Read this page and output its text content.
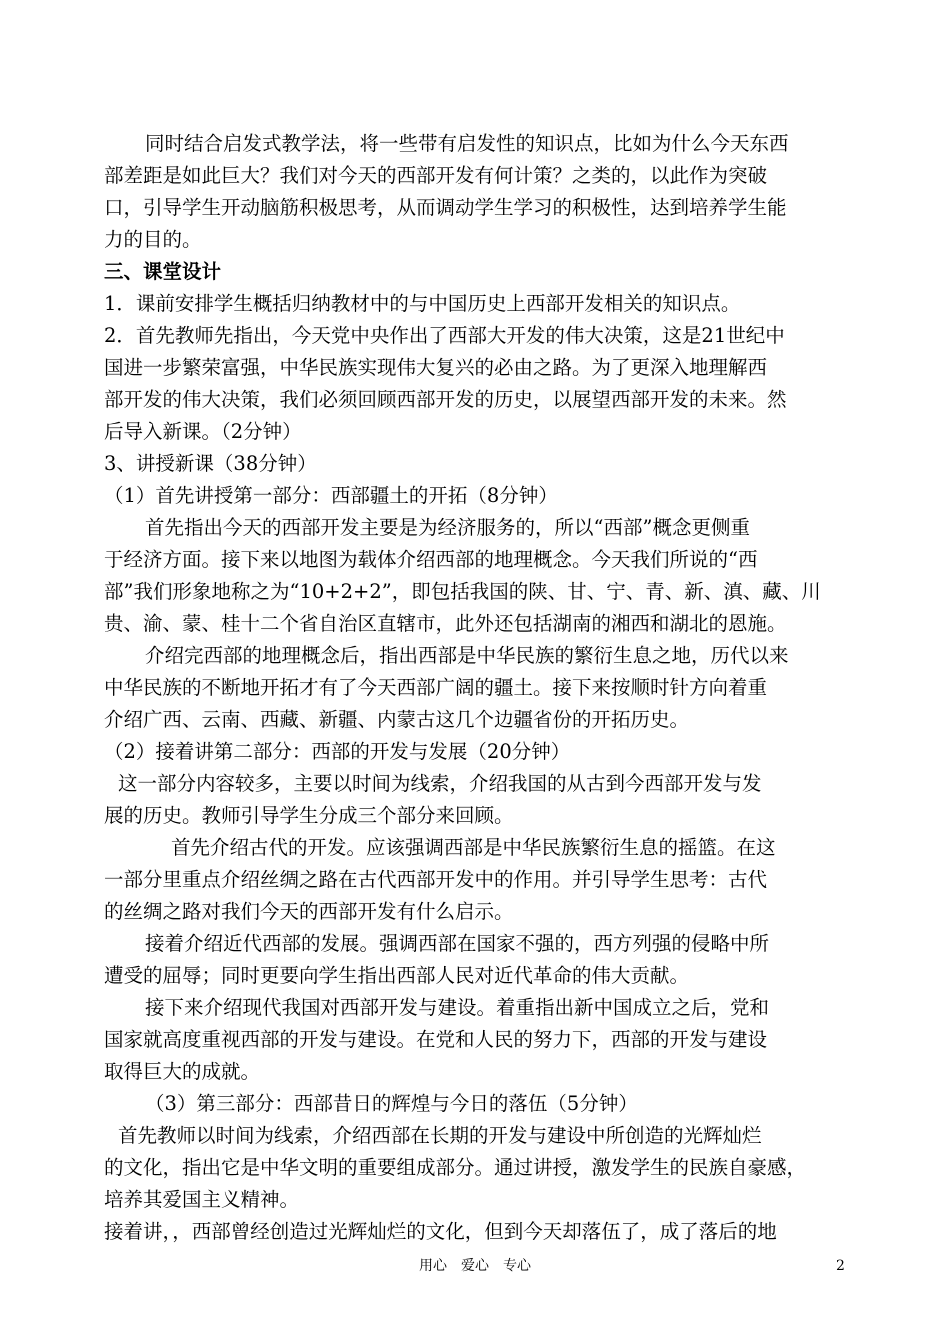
同时结合启发式教学法，将一些带有启发性的知识点，比如为什么今天东西
部差距是如此巨大？我们对今天的西部开发有何计策？之类的，以此作为突破
口，引导学生开动脑筋积极思考，从而调动学生学习的积极性，达到培养学生能
力的目的。
三、课堂设计
1．课前安排学生概括归纳教材中的与中国历史上西部开发相关的知识点。
2．首先教师先指出，今天党中央作出了西部大开发的伟大决策，这是21世纪中
国进一步繁荣富强，中华民族实现伟大复兴的必由之路。为了更深入地理解西
部开发的伟大决策，我们必须回顾西部开发的历史，以展望西部开发的未来。然
后导入新课。（2分钟）
3、讲授新课（38分钟）
（1）首先讲授第一部分：西部疆土的开拓（8分钟）
首先指出今天的西部开发主要是为经济服务的，所以“西部”概念更侧重
于经济方面。接下来以地图为载体介绍西部的地理概念。今天我们所说的“西
部”我们形象地称之为“10+2+2”，即包括我国的陕、甘、宁、青、新、滇、藏、川
贵、渝、蒙、桂十二个省自治区直辖市，此外还包括湖南的湘西和湖北的恩施。
介绍完西部的地理概念后，指出西部是中华民族的繁衍生息之地，历代以来
中华民族的不断地开拓才有了今天西部广阔的疆土。接下来按顺时针方向着重
介绍广西、云南、西藏、新疆、内蒙古这几个边疆省份的开拓历史。
（2）接着讲第二部分：西部的开发与发展（20分钟）
这一部分内容较多，主要以时间为线索，介绍我国的从古到今西部开发与发
展的历史。教师引导学生分成三个部分来回顾。
首先介绍古代的开发。应该强调西部是中华民族繁衍生息的摇篮。在这
一部分里重点介绍丝绸之路在古代西部开发中的作用。并引导学生思考：古代
的丝绸之路对我们今天的西部开发有什么启示。
接着介绍近代西部的发展。强调西部在国家不强的，西方列强的侵略中所
遭受的屈辱；同时更要向学生指出西部人民对近代革命的伟大贡献。
接下来介绍现代我国对西部开发与建设。着重指出新中国成立之后，党和
国家就高度重视西部的开发与建设。在党和人民的努力下，西部的开发与建设
取得巨大的成就。
（3）第三部分：西部昔日的辉煌与今日的落伍（5分钟）
首先教师以时间为线索，介绍西部在长期的开发与建设中所创造的光辉灿烂
的文化，指出它是中华文明的重要组成部分。通过讲授，激发学生的民族自豪感，
培养其爱国主义精神。
接着讲，，西部曾经创造过光辉灿烂的文化，但到今天却落伍了，成了落后的地
用心　爱心　专心	2
